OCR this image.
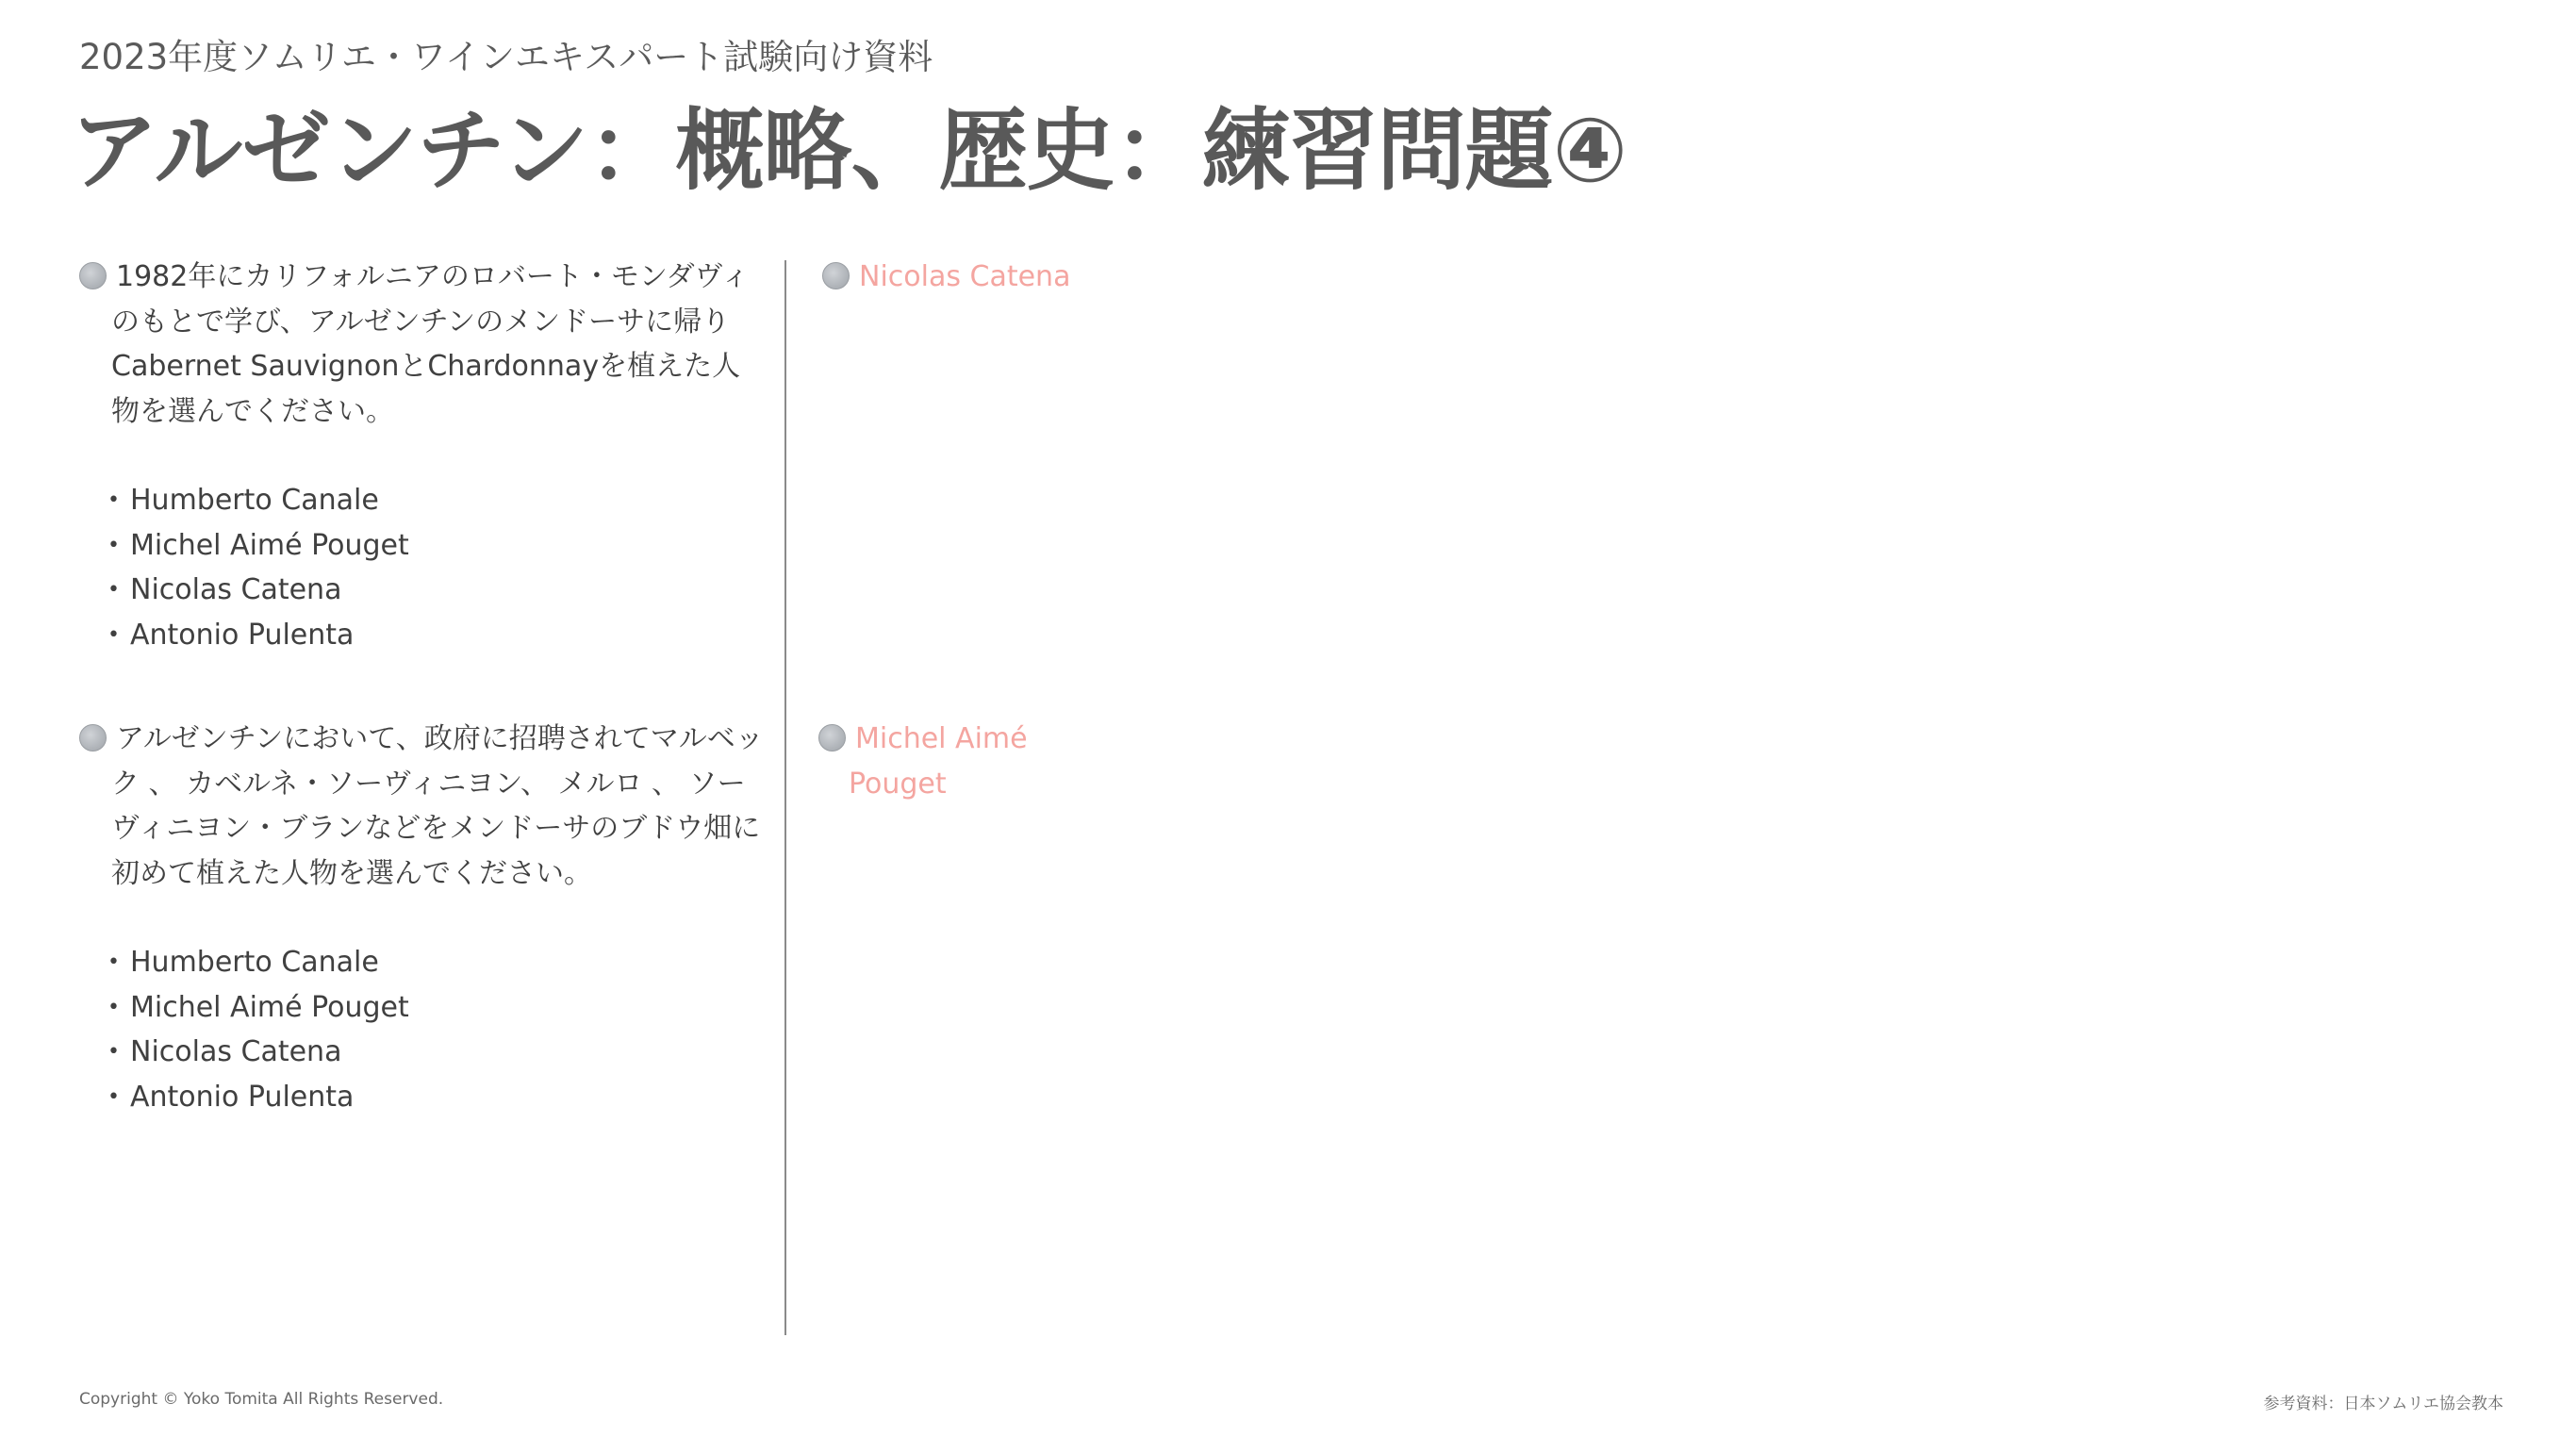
2023年度ソムリエ・ワインエキスパート試験向け資料
アルゼンチン：概略、歴史：練習問題④
1982年にカリフォルニアのロバート・モンダヴィのもとで学び、アルゼンチンのメンドーサに帰りCabernet SauvignonとChardonnayを植えた人物を選んでください。
• Humberto Canale
• Michel Aimé Pouget
• Nicolas Catena
• Antonio Pulenta
Nicolas Catena
アルゼンチンにおいて、政府に招聘されてマルベック 、 カベルネ・ソーヴィニヨン、 メルロ 、 ソーヴィニヨン・ブランなどをメンドーサのブドウ畑に初めて植えた人物を選んでください。
• Humberto Canale
• Michel Aimé Pouget
• Nicolas Catena
• Antonio Pulenta
Michel Aimé Pouget
Copyright © Yoko Tomita All Rights Reserved.	参考資料：日本ソムリエ協会教本
